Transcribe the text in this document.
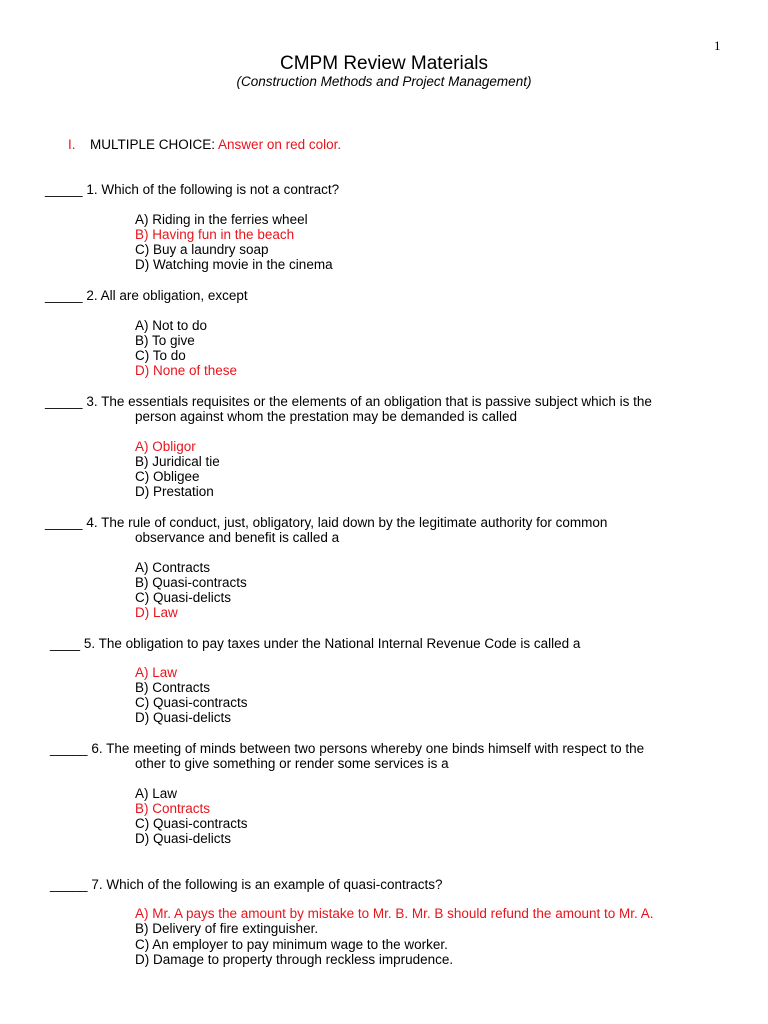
1
CMPM Review Materials
(Construction Methods and Project Management)
I. MULTIPLE CHOICE: Answer on red color.
_____ 1. Which of the following is not a contract?
A) Riding in the ferries wheel
B) Having fun in the beach
C) Buy a laundry soap
D) Watching movie in the cinema
_____ 2. All are obligation, except
A) Not to do
B) To give
C) To do
D) None of these
_____ 3. The essentials requisites or the elements of an obligation that is passive subject which is the
person against whom the prestation may be demanded is called
A) Obligor
B) Juridical tie
C) Obligee
D) Prestation
_____ 4. The rule of conduct, just, obligatory, laid down by the legitimate authority for common
observance and benefit is called a
A) Contracts
B) Quasi-contracts
C) Quasi-delicts
D) Law
____ 5. The obligation to pay taxes under the National Internal Revenue Code is called a
A) Law
B) Contracts
C) Quasi-contracts
D) Quasi-delicts
_____ 6. The meeting of minds between two persons whereby one binds himself with respect to the
other to give something or render some services is a
A) Law
B) Contracts
C) Quasi-contracts
D) Quasi-delicts
_____ 7. Which of the following is an example of quasi-contracts?
A) Mr. A pays the amount by mistake to Mr. B. Mr. B should refund the amount to Mr. A.
B) Delivery of fire extinguisher.
C) An employer to pay minimum wage to the worker.
D) Damage to property through reckless imprudence.
